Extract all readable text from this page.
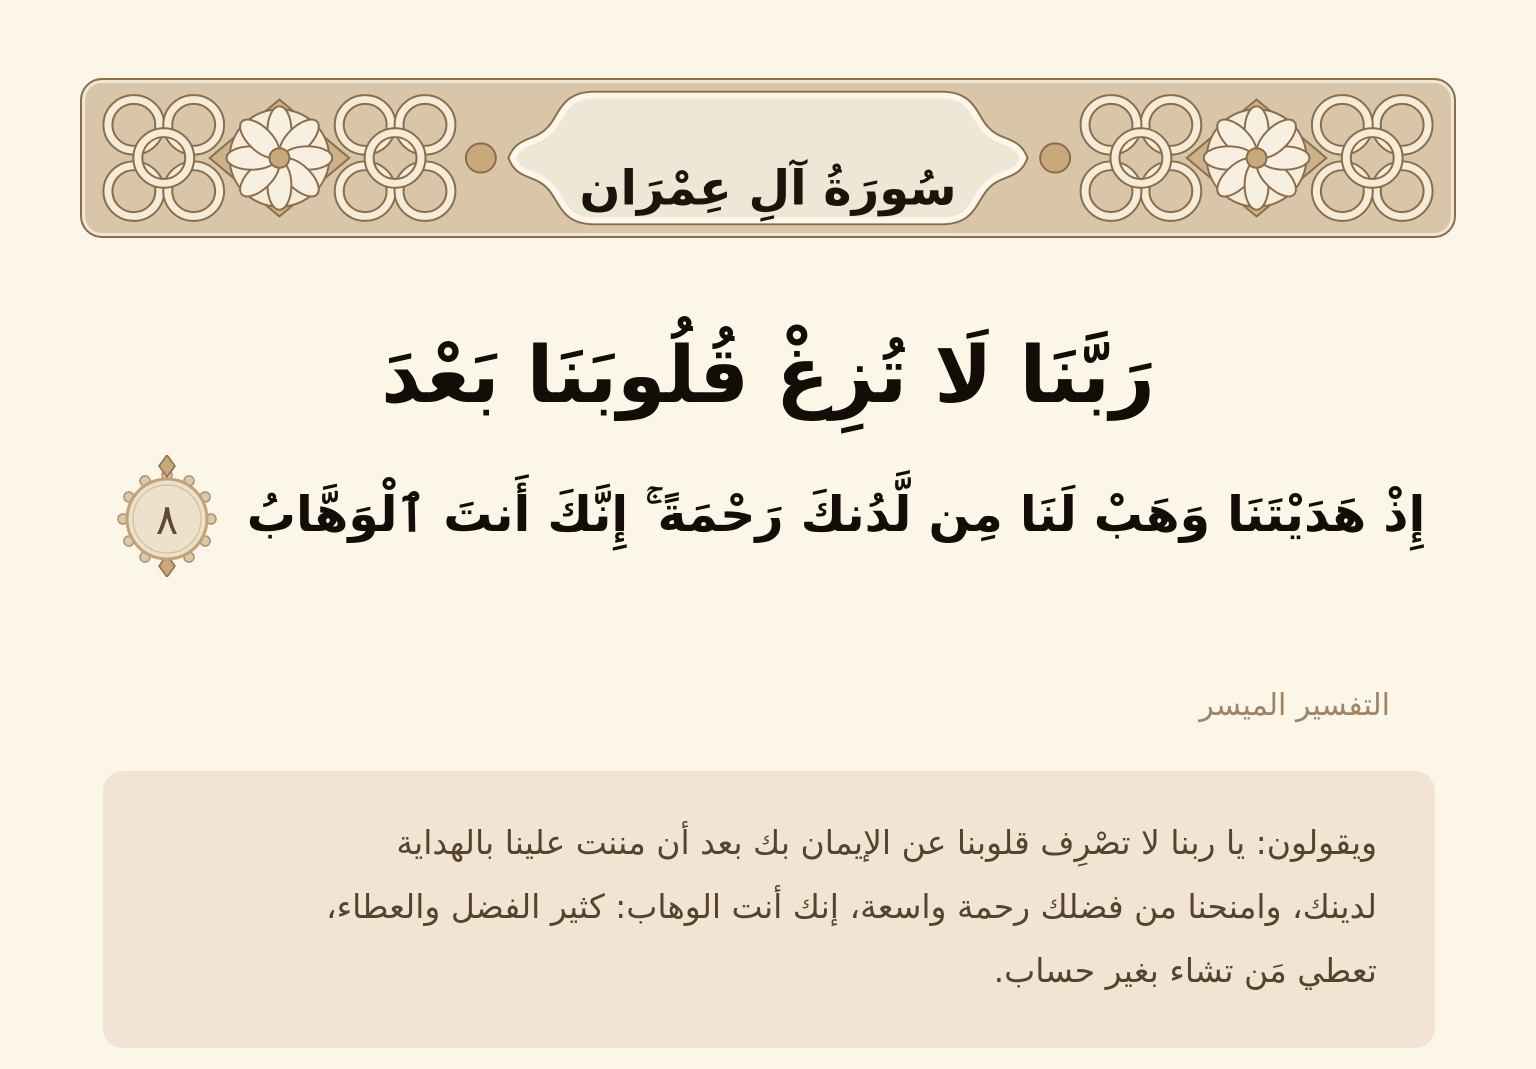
سُورَةُ آلِ عِمْرَان
رَبَّنَا لَا تُزِغْ قُلُوبَنَا بَعْدَ
إِذْ هَدَيْتَنَا وَهَبْ لَنَا مِن لَّدُنكَ رَحْمَةً ۚ إِنَّكَ أَنتَ ٱلْوَهَّابُ
٨
التفسير الميسر
ويقولون: يا ربنا لا تصْرِف قلوبنا عن الإيمان بك بعد أن مننت علينا بالهداية
لدينك، وامنحنا من فضلك رحمة واسعة، إنك أنت الوهاب: كثير الفضل والعطاء،
تعطي مَن تشاء بغير حساب.
